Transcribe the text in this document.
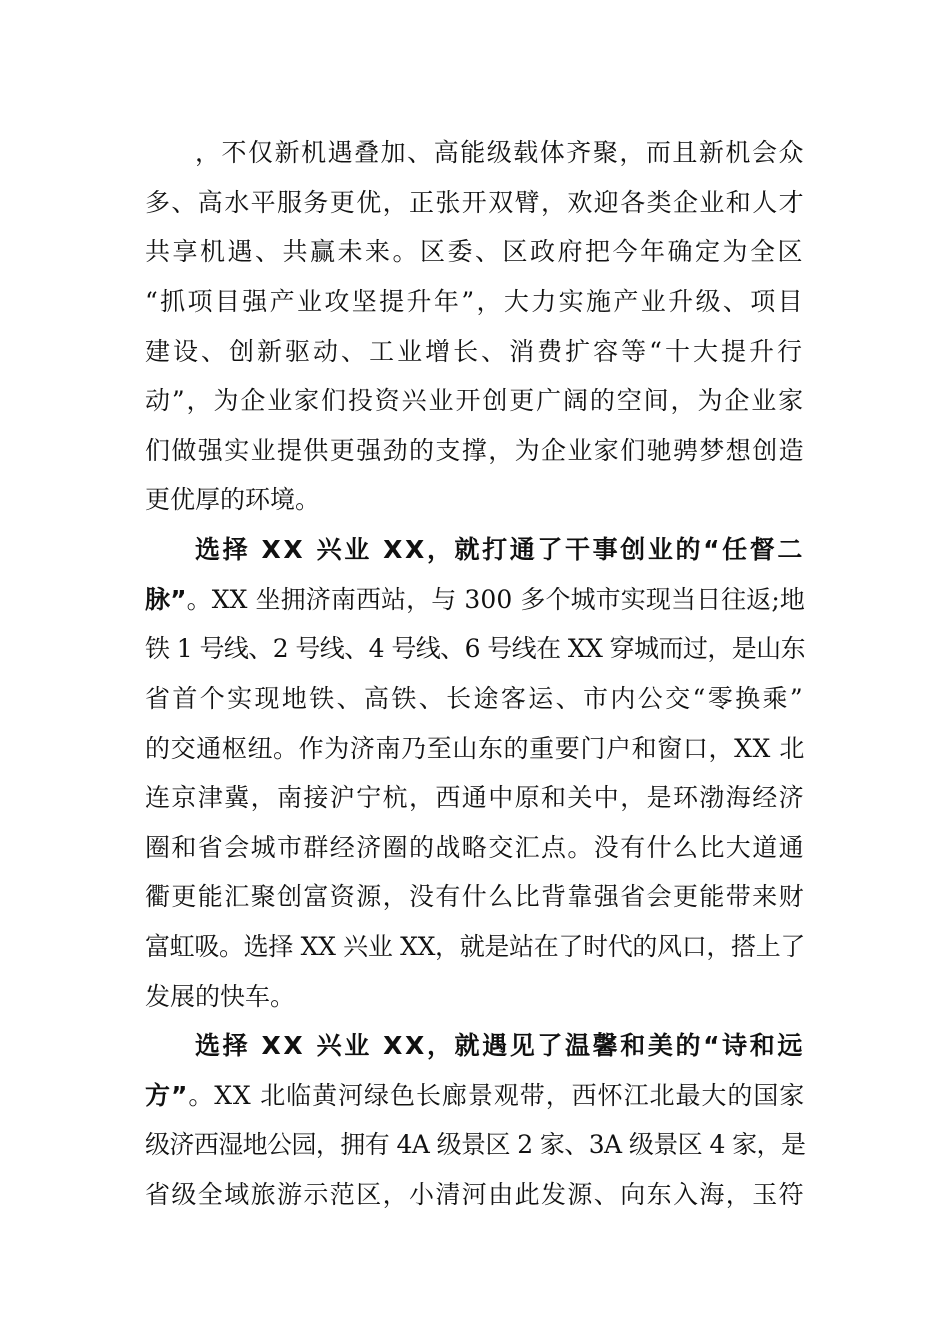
，不仅新机遇叠加、高能级载体齐聚，而且新机会众
多、高水平服务更优，正张开双臂，欢迎各类企业和人才
共享机遇、共赢未来。区委、区政府把今年确定为全区
“抓项目强产业攻坚提升年”，大力实施产业升级、项目
建设、创新驱动、工业增长、消费扩容等“十大提升行
动”，为企业家们投资兴业开创更广阔的空间，为企业家
们做强实业提供更强劲的支撑，为企业家们驰骋梦想创造
更优厚的环境。
选择 XX 兴业 XX，就打通了干事创业的“任督二
脉”。XX 坐拥济南西站，与 300 多个城市实现当日往返;地
铁 1 号线、2 号线、4 号线、6 号线在 XX 穿城而过，是山东
省首个实现地铁、高铁、长途客运、市内公交“零换乘”
的交通枢纽。作为济南乃至山东的重要门户和窗口，XX 北
连京津冀，南接沪宁杭，西通中原和关中，是环渤海经济
圈和省会城市群经济圈的战略交汇点。没有什么比大道通
衢更能汇聚创富资源，没有什么比背靠强省会更能带来财
富虹吸。选择 XX 兴业 XX，就是站在了时代的风口，搭上了
发展的快车。
选择 XX 兴业 XX，就遇见了温馨和美的“诗和远
方”。XX 北临黄河绿色长廊景观带，西怀江北最大的国家
级济西湿地公园，拥有 4A 级景区 2 家、3A 级景区 4 家，是
省级全域旅游示范区，小清河由此发源、向东入海，玉符
